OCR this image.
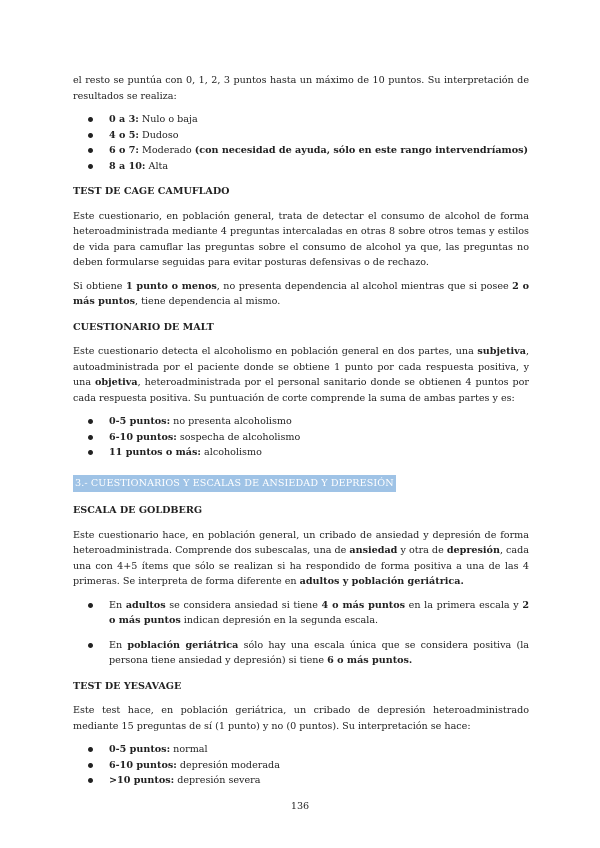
el resto se puntúa con 0, 1, 2, 3 puntos hasta un máximo de 10 puntos. Su interpretación de resultados se realiza:

0 a 3: Nulo o baja
4 o 5: Dudoso
6 o 7: Moderado (con necesidad de ayuda, sólo en este rango intervendríamos)
8 a 10: Alta
TEST DE CAGE CAMUFLADO

Este cuestionario, en población general, trata de detectar el consumo de alcohol de forma heteroadministrada mediante 4 preguntas intercaladas en otras 8 sobre otros temas y estilos de vida para camuflar las preguntas sobre el consumo de alcohol ya que, las preguntas no deben formularse seguidas para evitar posturas defensivas o de rechazo.

Si obtiene 1 punto o menos, no presenta dependencia al alcohol mientras que si posee 2 o más puntos, tiene dependencia al mismo.

CUESTIONARIO DE MALT

Este cuestionario detecta el alcoholismo en población general en dos partes, una subjetiva, autoadministrada por el paciente donde se obtiene 1 punto por cada respuesta positiva, y una objetiva, heteroadministrada por el personal sanitario donde se obtienen 4 puntos por cada respuesta positiva. Su puntuación de corte comprende la suma de ambas partes y es:

0-5 puntos: no presenta alcoholismo
6-10 puntos: sospecha de alcoholismo
11 puntos o más: alcoholismo
3.- CUESTIONARIOS Y ESCALAS DE ANSIEDAD Y DEPRESIÓN
ESCALA DE GOLDBERG

Este cuestionario hace, en población general, un cribado de ansiedad y depresión de forma heteroadministrada. Comprende dos subescalas, una de ansiedad y otra de depresión, cada una con 4+5 ítems que sólo se realizan si ha respondido de forma positiva a una de las 4 primeras. Se interpreta de forma diferente en adultos y población geriátrica.

En adultos se considera ansiedad si tiene 4 o más puntos en la primera escala y 2 o más puntos indican depresión en la segunda escala.
En población geriátrica sólo hay una escala única que se considera positiva (la persona tiene ansiedad y depresión) si tiene 6 o más puntos.
TEST DE YESAVAGE

Este test hace, en población geriátrica, un cribado de depresión heteroadministrado mediante 15 preguntas de sí (1 punto) y no (0 puntos). Su interpretación se hace:

0-5 puntos: normal
6-10 puntos: depresión moderada
>10 puntos: depresión severa
136
